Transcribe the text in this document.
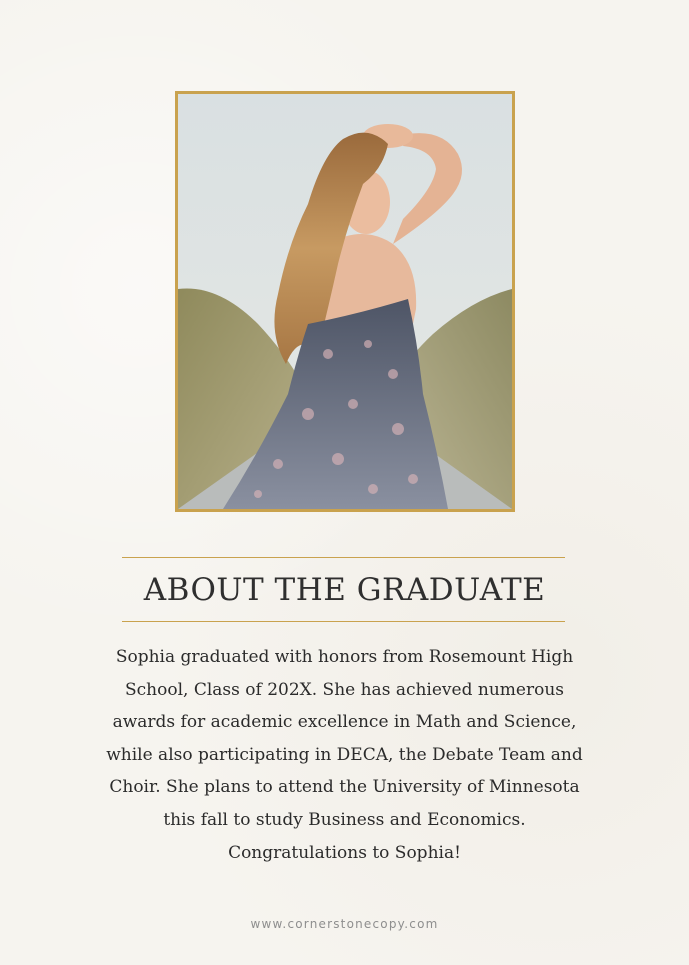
ABOUT THE GRADUATE

Sophia graduated with honors from Rosemount High School, Class of 202X. She has achieved numerous awards for academic excellence in Math and Science, while also participating in DECA, the Debate Team and Choir. She plans to attend the University of Minnesota this fall to study Business and Economics. Congratulations to Sophia!

www.cornerstonecopy.com
